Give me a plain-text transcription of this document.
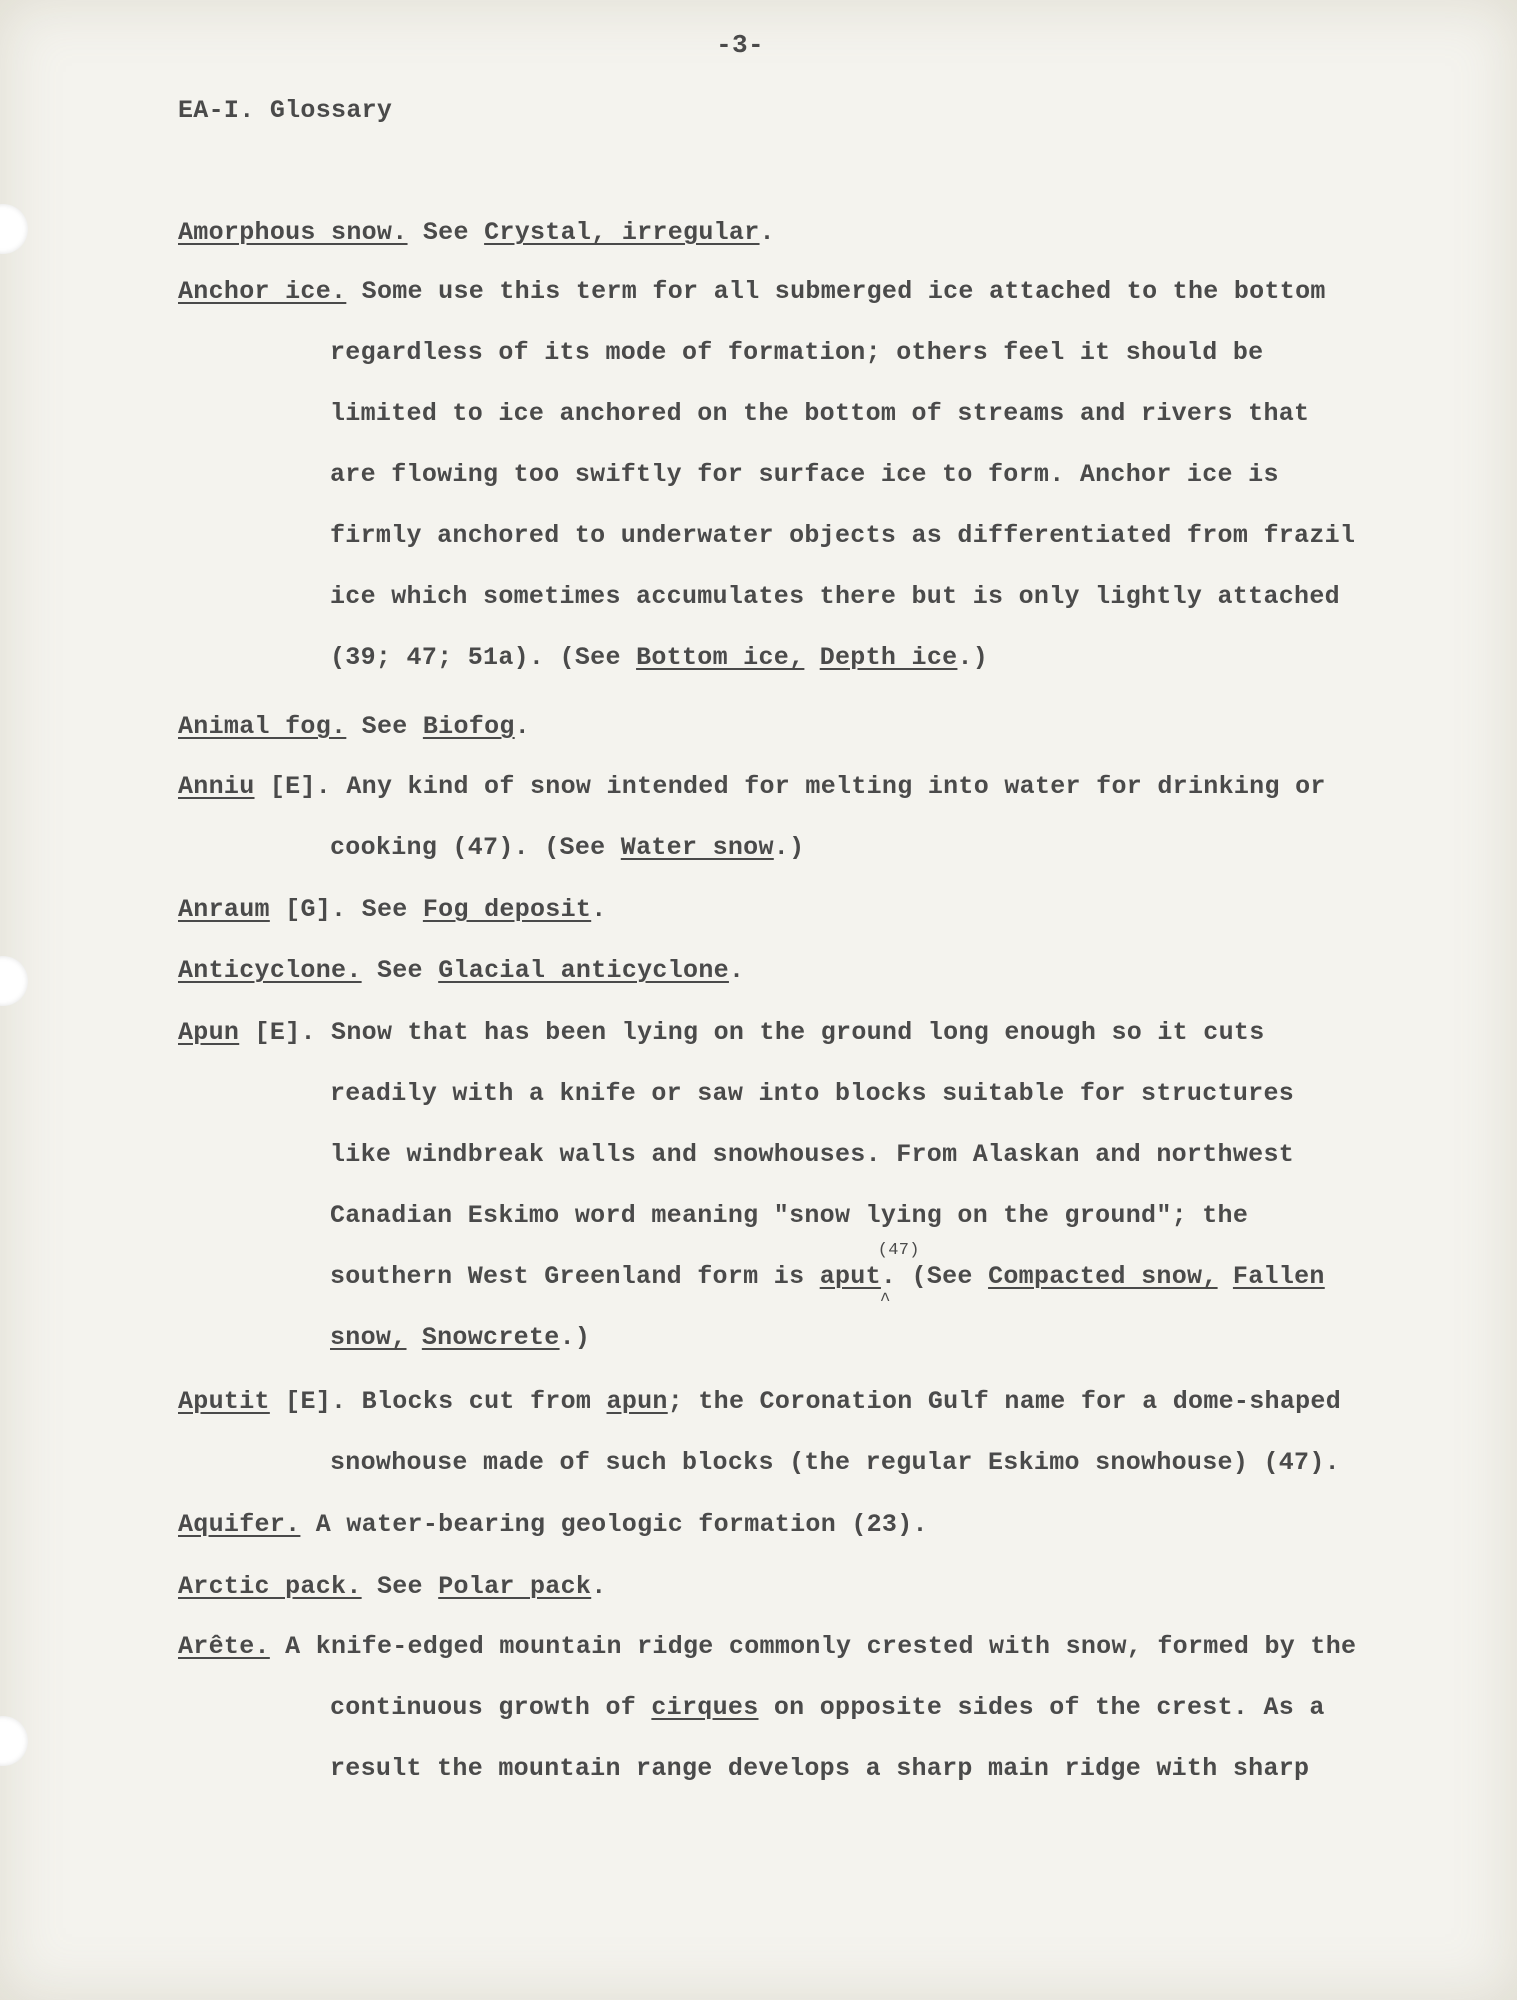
-3-
EA-I. Glossary
Amorphous snow. See Crystal, irregular.
Anchor ice. Some use this term for all submerged ice attached to the bottom
regardless of its mode of formation; others feel it should be
limited to ice anchored on the bottom of streams and rivers that
are flowing too swiftly for surface ice to form. Anchor ice is
firmly anchored to underwater objects as differentiated from frazil
ice which sometimes accumulates there but is only lightly attached
(39; 47; 51a). (See Bottom ice, Depth ice.)
Animal fog. See Biofog.
Anniu [E]. Any kind of snow intended for melting into water for drinking or
cooking (47). (See Water snow.)
Anraum [G]. See Fog deposit.
Anticyclone. See Glacial anticyclone.
Apun [E]. Snow that has been lying on the ground long enough so it cuts
readily with a knife or saw into blocks suitable for structures
like windbreak walls and snowhouses. From Alaskan and northwest
Canadian Eskimo word meaning "snow lying on the ground"; the
southern West Greenland form is aput
(47)
^
. (See Compacted snow, Fallen
snow, Snowcrete.)
Aputit [E]. Blocks cut from apun; the Coronation Gulf name for a dome-shaped
snowhouse made of such blocks (the regular Eskimo snowhouse) (47).
Aquifer. A water-bearing geologic formation (23).
Arctic pack. See Polar pack.
Arête. A knife-edged mountain ridge commonly crested with snow, formed by the
continuous growth of cirques on opposite sides of the crest. As a
result the mountain range develops a sharp main ridge with sharp
